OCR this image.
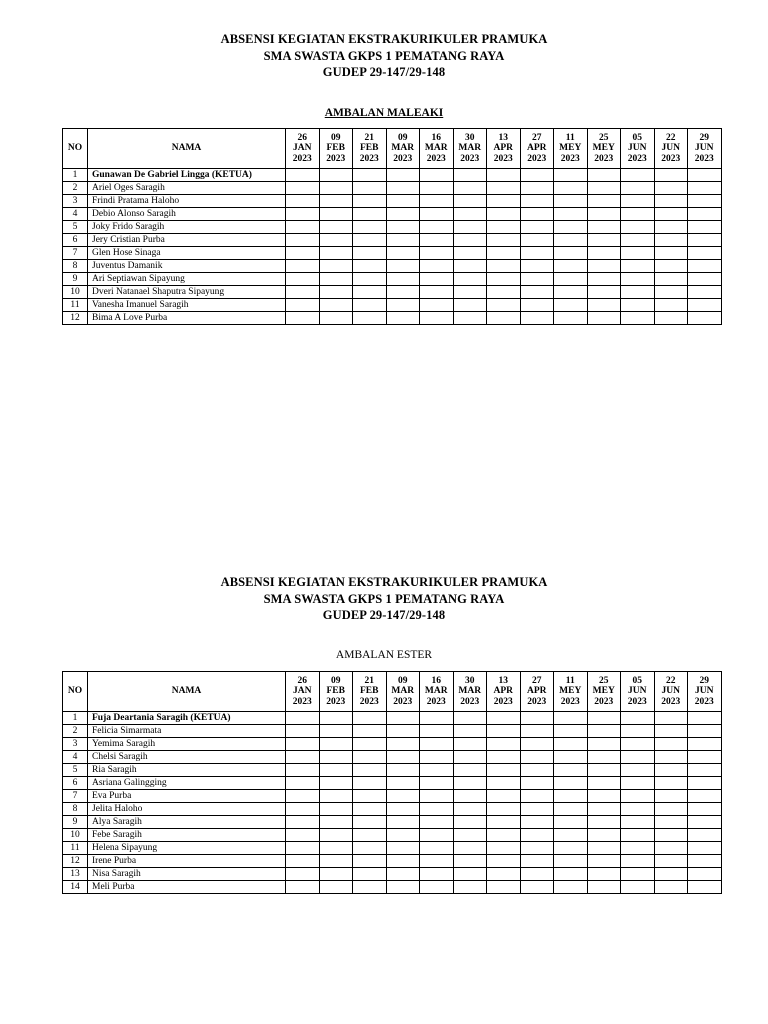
ABSENSI KEGIATAN EKSTRAKURIKULER PRAMUKA
SMA SWASTA GKPS 1 PEMATANG RAYA
GUDEP 29-147/29-148

AMBALAN MALEAKI

NO	NAMA	26
JAN
2023	09
FEB
2023	21
FEB
2023	09
MAR
2023	16
MAR
2023	30
MAR
2023	13
APR
2023	27
APR
2023	11
MEY
2023	25
MEY
2023	05
JUN
2023	22
JUN
2023	29
JUN
2023

1	Gunawan De Gabriel Lingga (KETUA)													
2	Ariel Oges Saragih													
3	Frindi Pratama Haloho													
4	Debio Alonso Saragih													
5	Joky Frido Saragih													
6	Jery Cristian Purba													
7	Glen Hose Sinaga													
8	Juventus Damanik													
9	Ari Septiawan Sipayung													
10	Dveri Natanael Shaputra Sipayung													
11	Vanesha Imanuel Saragih													
12	Bima A Love Purba													
ABSENSI KEGIATAN EKSTRAKURIKULER PRAMUKA
SMA SWASTA GKPS 1 PEMATANG RAYA
GUDEP 29-147/29-148

AMBALAN ESTER

NO	NAMA	26
JAN
2023	09
FEB
2023	21
FEB
2023	09
MAR
2023	16
MAR
2023	30
MAR
2023	13
APR
2023	27
APR
2023	11
MEY
2023	25
MEY
2023	05
JUN
2023	22
JUN
2023	29
JUN
2023

1	Fuja Deartania Saragih (KETUA)													
2	Felicia Simarmata													
3	Yemima Saragih													
4	Chelsi Saragih													
5	Ria Saragih													
6	Asriana Galingging													
7	Eva Purba													
8	Jelita Haloho													
9	Alya Saragih													
10	Febe Saragih													
11	Helena Sipayung													
12	Irene Purba													
13	Nisa Saragih													
14	Meli Purba													
